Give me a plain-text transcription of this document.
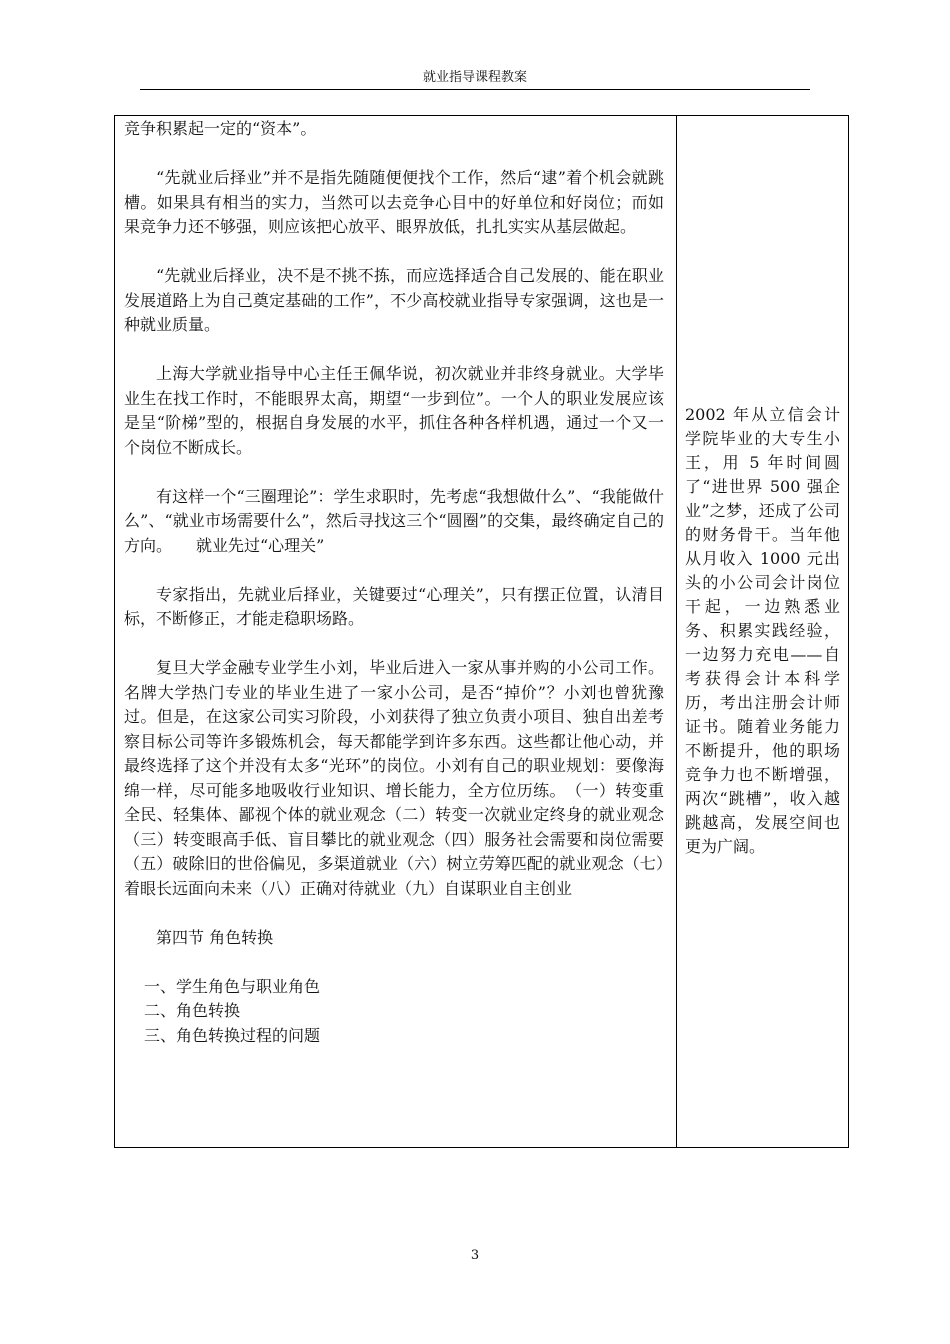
就业指导课程教案

竞争积累起一定的“资本”。

“先就业后择业”并不是指先随随便便找个工作，然后“逮”着个机会就跳槽。如果具有相当的实力，当然可以去竞争心目中的好单位和好岗位；而如果竞争力还不够强，则应该把心放平、眼界放低，扎扎实实从基层做起。

“先就业后择业，决不是不挑不拣，而应选择适合自己发展的、能在职业发展道路上为自己奠定基础的工作”，不少高校就业指导专家强调，这也是一种就业质量。

上海大学就业指导中心主任王佩华说，初次就业并非终身就业。大学毕业生在找工作时，不能眼界太高，期望“一步到位”。一个人的职业发展应该是呈“阶梯”型的，根据自身发展的水平，抓住各种各样机遇，通过一个又一个岗位不断成长。

有这样一个“三圈理论”：学生求职时，先考虑“我想做什么”、“我能做什么”、“就业市场需要什么”，然后寻找这三个“圆圈”的交集，最终确定自己的方向。　　就业先过“心理关”

专家指出，先就业后择业，关键要过“心理关”，只有摆正位置，认清目标，不断修正，才能走稳职场路。

复旦大学金融专业学生小刘，毕业后进入一家从事并购的小公司工作。名牌大学热门专业的毕业生进了一家小公司，是否“掉价”？小刘也曾犹豫过。但是，在这家公司实习阶段，小刘获得了独立负责小项目、独自出差考察目标公司等许多锻炼机会，每天都能学到许多东西。这些都让他心动，并最终选择了这个并没有太多“光环”的岗位。小刘有自己的职业规划：要像海绵一样，尽可能多地吸收行业知识、增长能力，全方位历练。　（一）转变重全民、轻集体、鄙视个体的就业观念（二）转变一次就业定终身的就业观念（三）转变眼高手低、盲目攀比的就业观念（四）服务社会需要和岗位需要（五）破除旧的世俗偏见，多渠道就业（六）树立劳筹匹配的就业观念（七）着眼长远面向未来（八）正确对待就业（九）自谋职业自主创业

第四节 角色转换

一、学生角色与职业角色

二、角色转换

三、角色转换过程的问题

2002 年从立信会计学院毕业的大专生小王，用 5 年时间圆了“进世界 500 强企业”之梦，还成了公司的财务骨干。当年他从月收入 1000 元出头的小公司会计岗位干起，一边熟悉业务、积累实践经验，一边努力充电——自考获得会计本科学历，考出注册会计师证书。随着业务能力不断提升，他的职场竞争力也不断增强，两次“跳槽”，收入越跳越高，发展空间也更为广阔。
3
